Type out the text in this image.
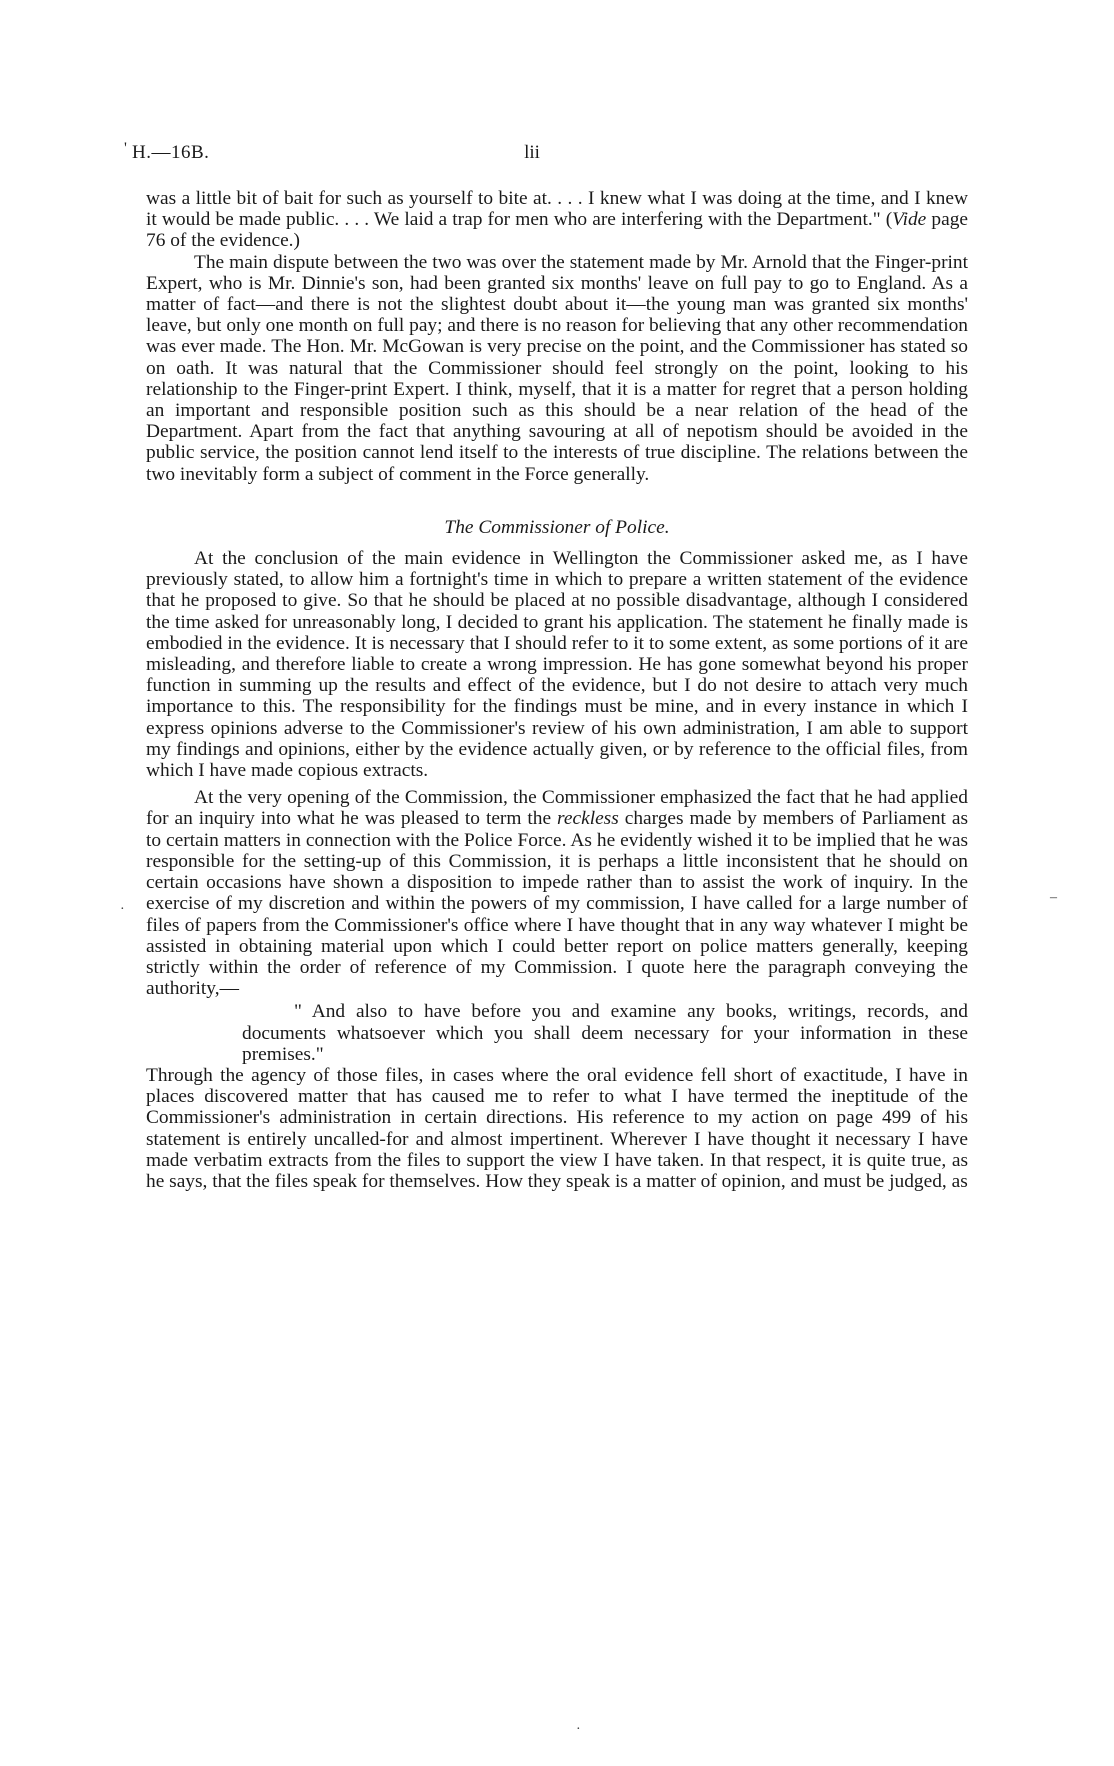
' H.—16B.	lii

was a little bit of bait for such as yourself to bite at. . . . I knew what I was doing at the time, and I knew it would be made public. . . . We laid a trap for men who are interfering with the Department." (Vide page 76 of the evidence.)

The main dispute between the two was over the statement made by Mr. Arnold that the Finger-print Expert, who is Mr. Dinnie's son, had been granted six months' leave on full pay to go to England. As a matter of fact—and there is not the slightest doubt about it—the young man was granted six months' leave, but only one month on full pay; and there is no reason for believing that any other recommendation was ever made. The Hon. Mr. McGowan is very precise on the point, and the Commissioner has stated so on oath. It was natural that the Commissioner should feel strongly on the point, looking to his relationship to the Finger-print Expert. I think, myself, that it is a matter for regret that a person holding an important and responsible position such as this should be a near relation of the head of the Department. Apart from the fact that anything savouring at all of nepotism should be avoided in the public service, the position cannot lend itself to the interests of true discipline. The relations between the two inevitably form a subject of comment in the Force generally.

The Commissioner of Police.

At the conclusion of the main evidence in Wellington the Commissioner asked me, as I have previously stated, to allow him a fortnight's time in which to prepare a written statement of the evidence that he proposed to give. So that he should be placed at no possible disadvantage, although I considered the time asked for unreasonably long, I decided to grant his application. The statement he finally made is embodied in the evidence. It is necessary that I should refer to it to some extent, as some portions of it are misleading, and therefore liable to create a wrong impression. He has gone somewhat beyond his proper function in summing up the results and effect of the evidence, but I do not desire to attach very much importance to this. The responsibility for the findings must be mine, and in every instance in which I express opinions adverse to the Commissioner's review of his own administration, I am able to support my findings and opinions, either by the evidence actually given, or by reference to the official files, from which I have made copious extracts.

At the very opening of the Commission, the Commissioner emphasized the fact that he had applied for an inquiry into what he was pleased to term the reckless charges made by members of Parliament as to certain matters in connection with the Police Force. As he evidently wished it to be implied that he was responsible for the setting-up of this Commission, it is perhaps a little inconsistent that he should on certain occasions have shown a disposition to impede rather than to assist the work of inquiry. In the exercise of my discretion and within the powers of my commission, I have called for a large number of files of papers from the Commissioner's office where I have thought that in any way whatever I might be assisted in obtaining material upon which I could better report on police matters generally, keeping strictly within the order of reference of my Commission. I quote here the paragraph conveying the authority,—

" And also to have before you and examine any books, writings, records, and documents whatsoever which you shall deem necessary for your information in these premises."

Through the agency of those files, in cases where the oral evidence fell short of exactitude, I have in places discovered matter that has caused me to refer to what I have termed the ineptitude of the Commissioner's administration in certain directions. His reference to my action on page 499 of his statement is entirely uncalled-for and almost impertinent. Wherever I have thought it necessary I have made verbatim extracts from the files to support the view I have taken. In that respect, it is quite true, as he says, that the files speak for themselves. How they speak is a matter of opinion, and must be judged, as

‒
·
·
